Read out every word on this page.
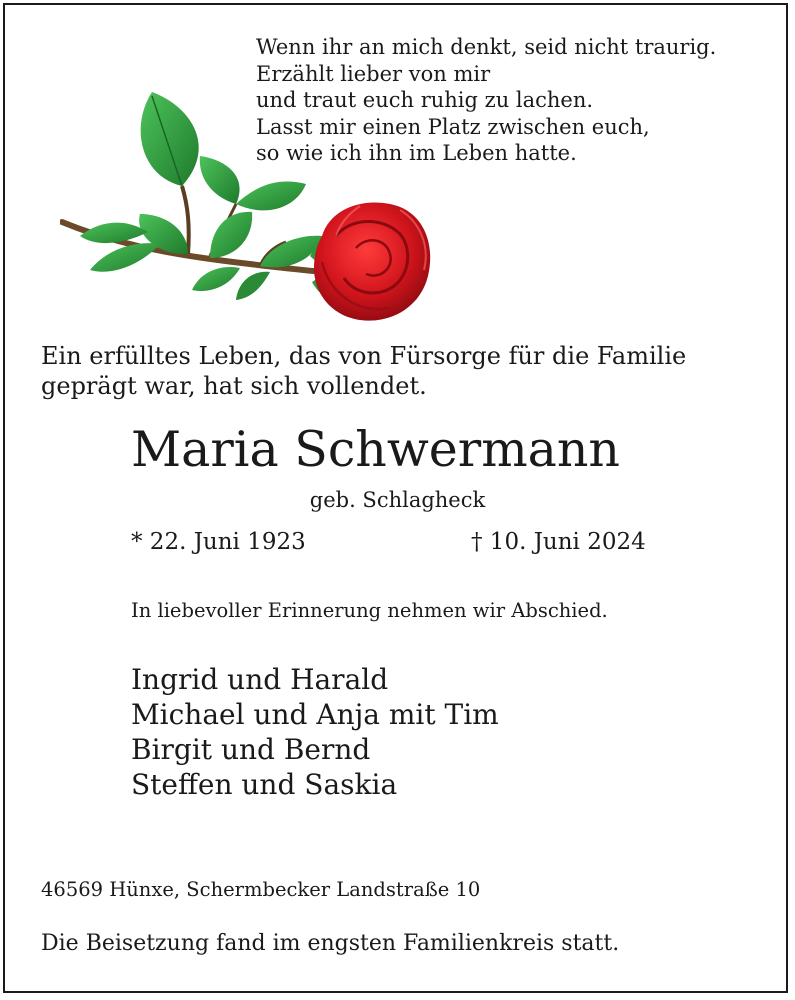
Wenn ihr an mich denkt, seid nicht traurig.
Erzählt lieber von mir
und traut euch ruhig zu lachen.
Lasst mir einen Platz zwischen euch,
so wie ich ihn im Leben hatte.
Ein erfülltes Leben, das von Fürsorge für die Familie
geprägt war, hat sich vollendet.
Maria Schwermann
geb. Schlagheck
* 22. Juni 1923	† 10. Juni 2024
In liebevoller Erinnerung nehmen wir Abschied.
Ingrid und Harald
Michael und Anja mit Tim
Birgit und Bernd
Steffen und Saskia
46569 Hünxe, Schermbecker Landstraße 10
Die Beisetzung fand im engsten Familienkreis statt.
